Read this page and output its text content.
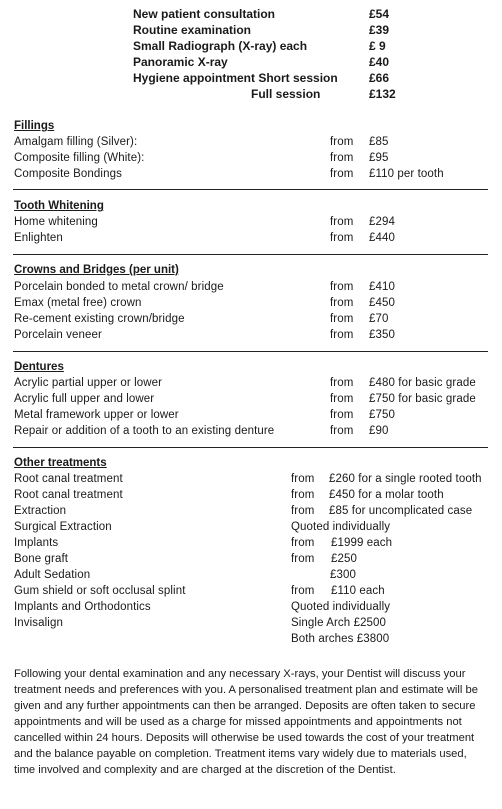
New patient consultation	£54
Routine examination	£39
Small Radiograph (X-ray) each	£ 9
Panoramic X-ray	£40
Hygiene appointment Short session	£66
Full session	£132
Fillings
Amalgam filling (Silver):	from £85
Composite filling (White):	from £95
Composite Bondings	from £110 per tooth
Tooth Whitening
Home whitening	from £294
Enlighten	from £440
Crowns and Bridges (per unit)
Porcelain bonded to metal crown/ bridge	from £410
Emax (metal free) crown	from £450
Re-cement existing crown/bridge	from £70
Porcelain veneer	from £350
Dentures
Acrylic partial upper or lower	from £480 for basic grade
Acrylic full upper and lower	from £750 for basic grade
Metal framework upper or lower	from £750
Repair or addition of a tooth to an existing denture	from £90
Other treatments
Root canal treatment	from £260 for a single rooted tooth
Root canal treatment	from £450 for a molar tooth
Extraction	from £85 for uncomplicated case
Surgical Extraction	Quoted individually
Implants	from £1999 each
Bone graft	from £250
Adult Sedation	£300
Gum shield or soft occlusal splint	from £110 each
Implants and Orthodontics	Quoted individually
Invisalign	Single Arch £2500
Both arches £3800
Following your dental examination and any necessary X-rays, your Dentist will discuss your treatment needs and preferences with you. A personalised treatment plan and estimate will be given and any further appointments can then be arranged. Deposits are often taken to secure appointments and will be used as a charge for missed appointments and appointments not cancelled within 24 hours. Deposits will otherwise be used towards the cost of your treatment and the balance payable on completion. Treatment items vary widely due to materials used, time involved and complexity and are charged at the discretion of the Dentist.
